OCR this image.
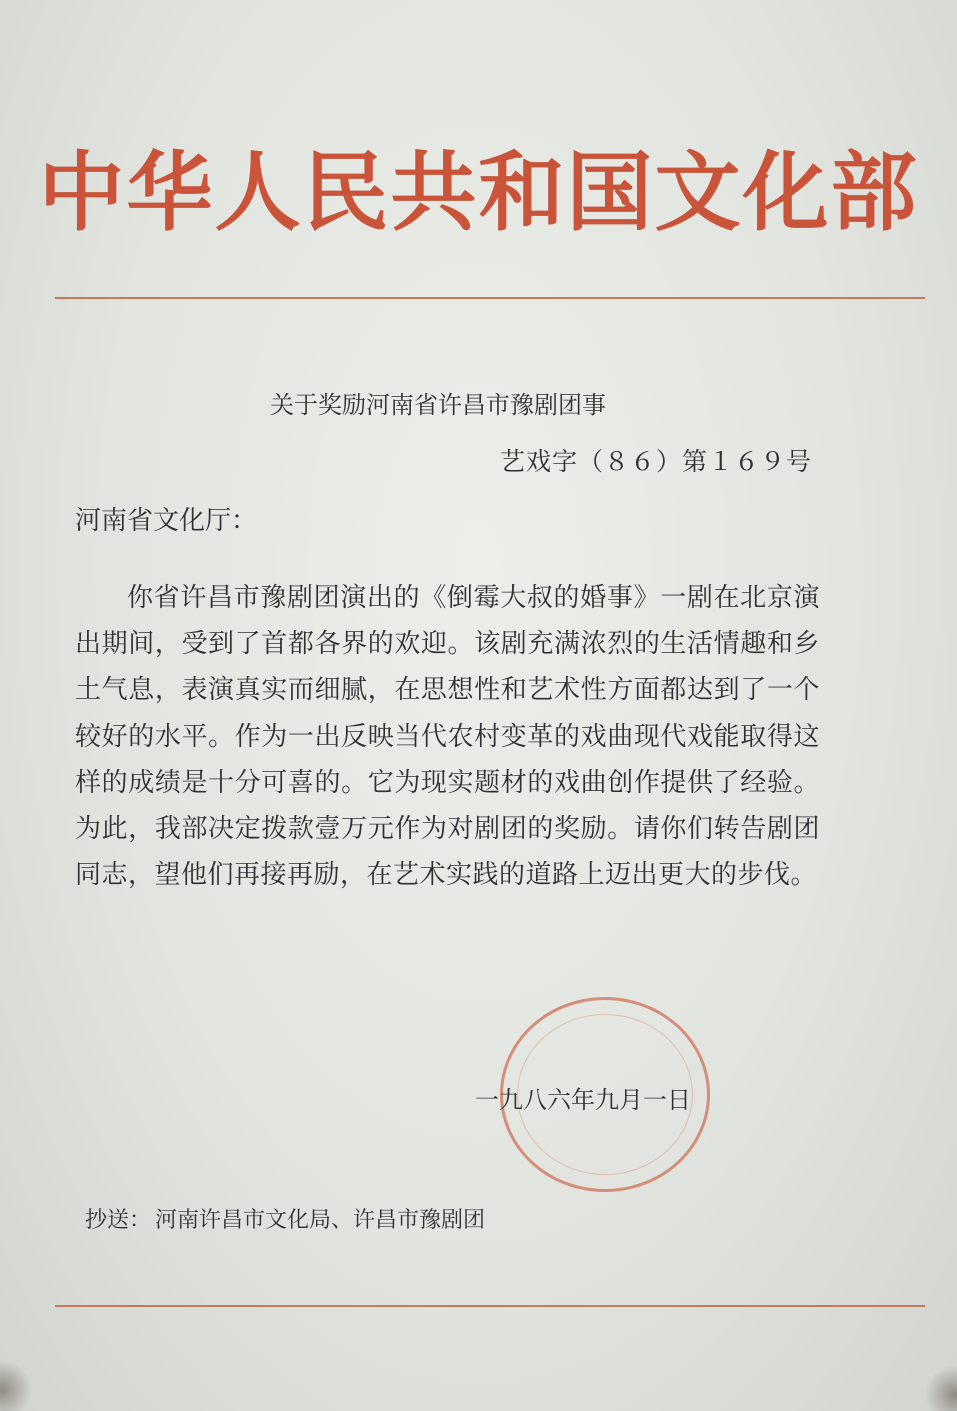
中华人民共和国文化部
关于奖励河南省许昌市豫剧团事
艺戏字（８６）第１６９号
河南省文化厅：
你省许昌市豫剧团演出的《倒霉大叔的婚事》一剧在北京演出期间，受到了首都各界的欢迎。该剧充满浓烈的生活情趣和乡土气息，表演真实而细腻，在思想性和艺术性方面都达到了一个较好的水平。作为一出反映当代农村变革的戏曲现代戏能取得这样的成绩是十分可喜的。它为现实题材的戏曲创作提供了经验。为此，我部决定拨款壹万元作为对剧团的奖励。请你们转告剧团同志，望他们再接再励，在艺术实践的道路上迈出更大的步伐。
一九八六年九月一日
抄送： 河南许昌市文化局、许昌市豫剧团
